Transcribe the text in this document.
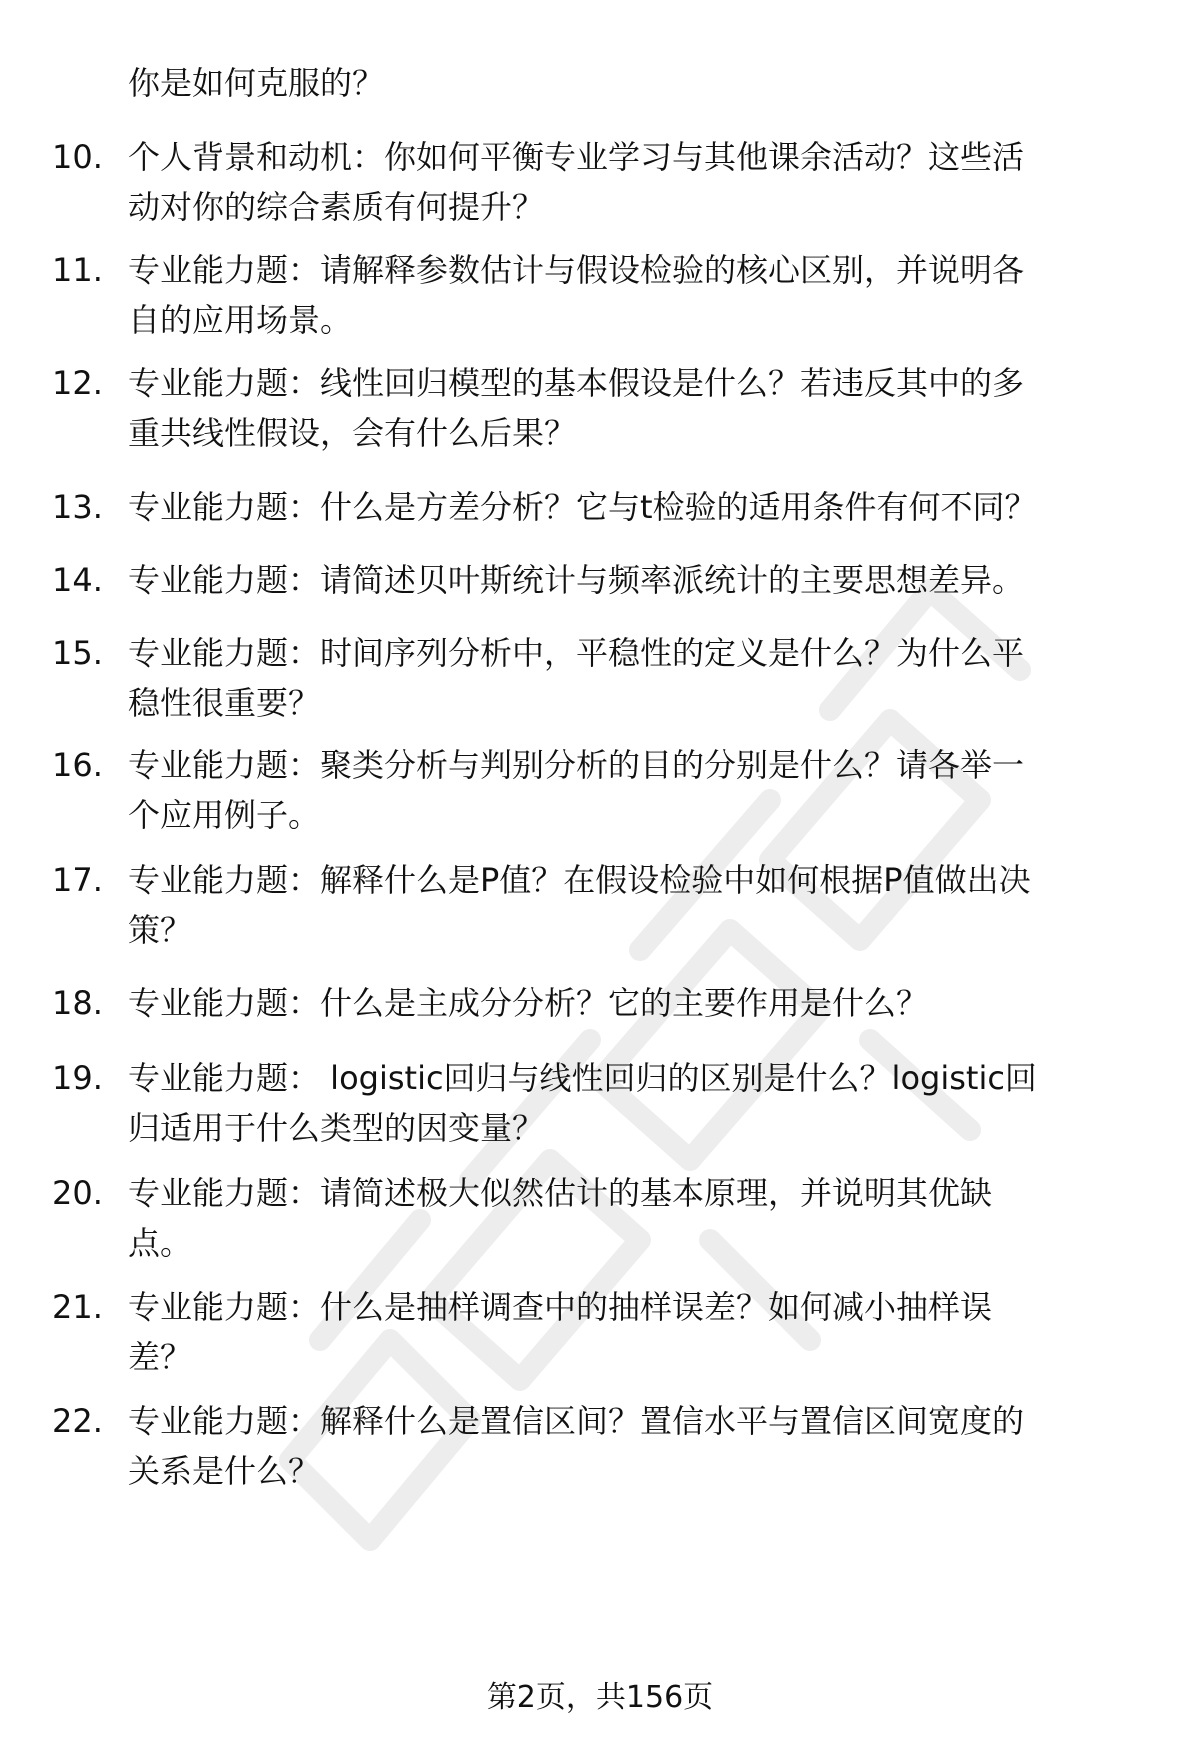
你是如何克服的？
10. 个人背景和动机：你如何平衡专业学习与其他课余活动？这些活
动对你的综合素质有何提升？
11. 专业能力题：请解释参数估计与假设检验的核心区别，并说明各
自的应用场景。
12. 专业能力题：线性回归模型的基本假设是什么？若违反其中的多
重共线性假设，会有什么后果？
13. 专业能力题：什么是方差分析？它与t检验的适用条件有何不同？
14. 专业能力题：请简述贝叶斯统计与频率派统计的主要思想差异。
15. 专业能力题：时间序列分析中，平稳性的定义是什么？为什么平
稳性很重要？
16. 专业能力题：聚类分析与判别分析的目的分别是什么？请各举一
个应用例子。
17. 专业能力题：解释什么是P值？在假设检验中如何根据P值做出决
策？
18. 专业能力题：什么是主成分分析？它的主要作用是什么？
19. 专业能力题： logistic回归与线性回归的区别是什么？logistic回
归适用于什么类型的因变量？
20. 专业能力题：请简述极大似然估计的基本原理，并说明其优缺
点。
21. 专业能力题：什么是抽样调查中的抽样误差？如何减小抽样误
差？
22. 专业能力题：解释什么是置信区间？置信水平与置信区间宽度的
关系是什么？
第2页，共156页
